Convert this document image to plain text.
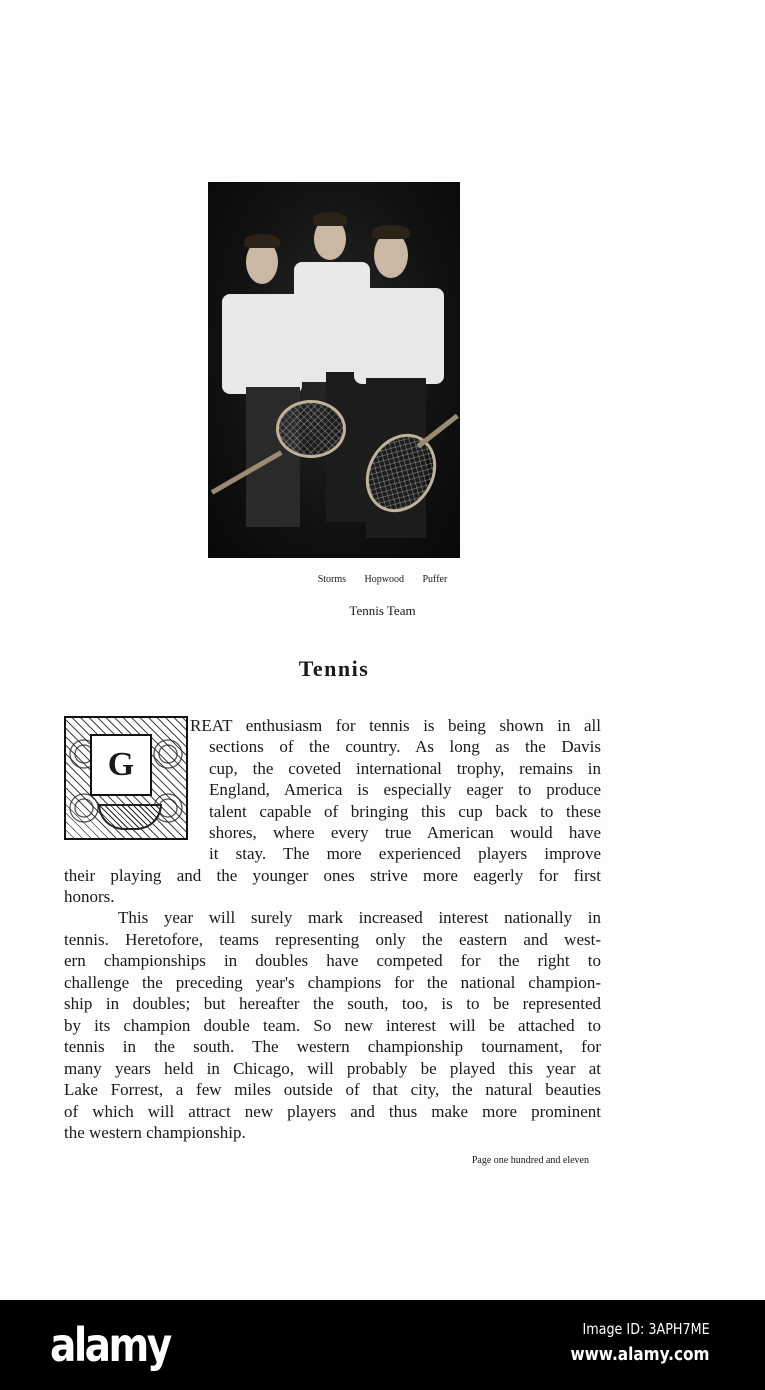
Storms Hopwood Puffer
Tennis Team
Tennis
G
REAT enthusiasm for tennis is being shown in all
sections of the country. As long as the Davis
cup, the coveted international trophy, remains in
England, America is especially eager to produce
talent capable of bringing this cup back to these
shores, where every true American would have
it stay. The more experienced players improve
their playing and the younger ones strive more eagerly for first
honors.
This year will surely mark increased interest nationally in
tennis. Heretofore, teams representing only the eastern and west-
ern championships in doubles have competed for the right to
challenge the preceding year's champions for the national champion-
ship in doubles; but hereafter the south, too, is to be represented
by its champion double team. So new interest will be attached to
tennis in the south. The western championship tournament, for
many years held in Chicago, will probably be played this year at
Lake Forrest, a few miles outside of that city, the natural beauties
of which will attract new players and thus make more prominent
the western championship.
Page one hundred and eleven
alamy	Image ID: 3APH7ME
www.alamy.com
